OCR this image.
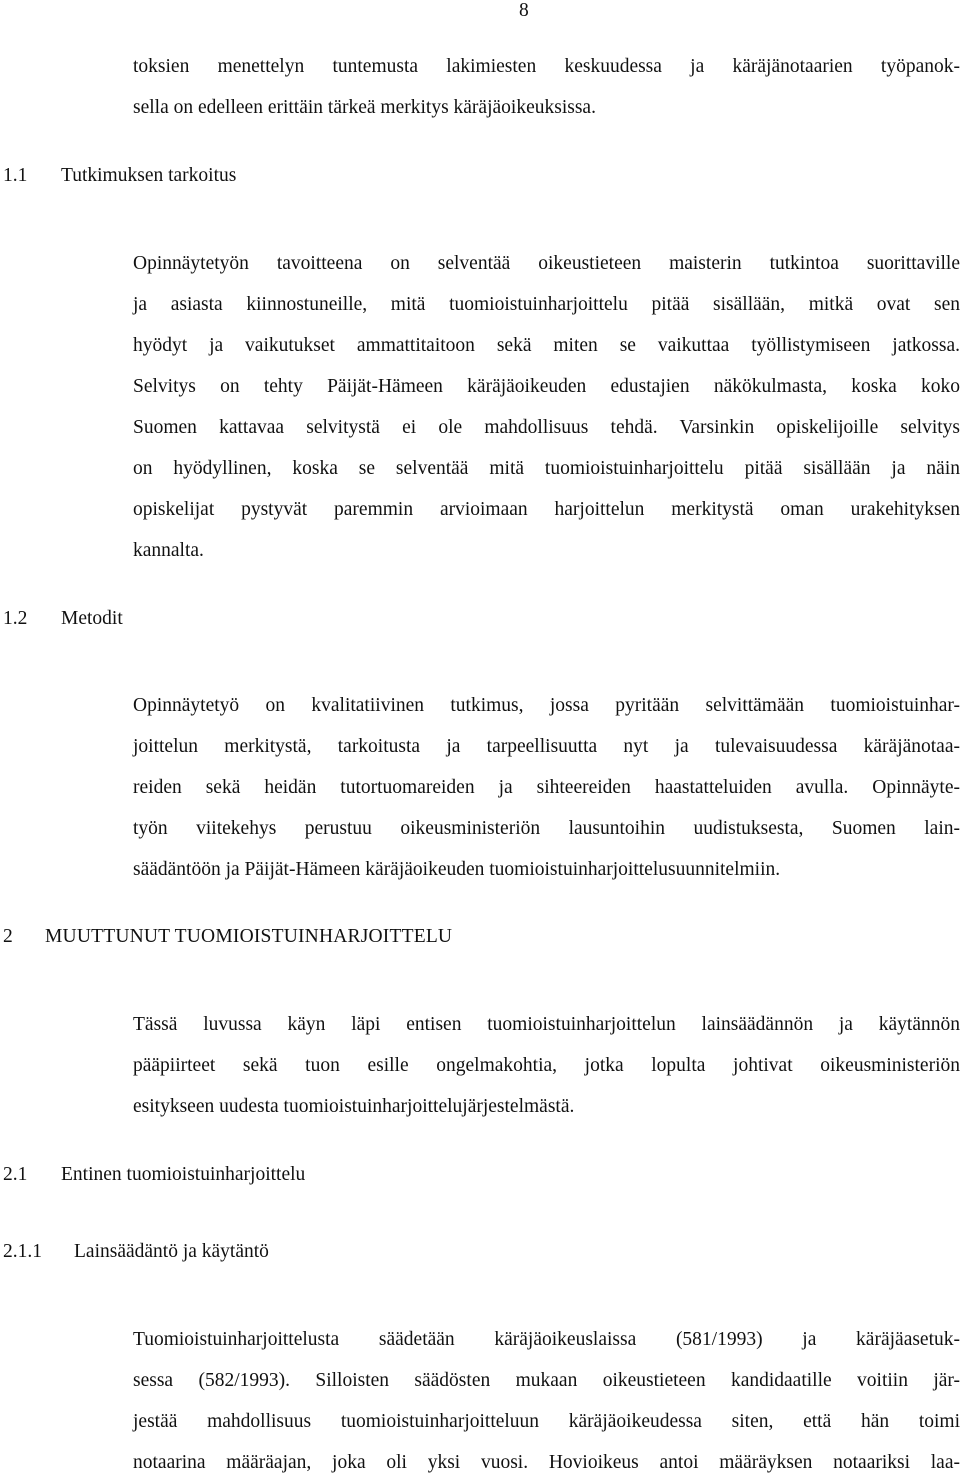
8
toksien menettelyn tuntemusta lakimiesten keskuudessa ja käräjänotaarien työpanok-
sella on edelleen erittäin tärkeä merkitys käräjäoikeuksissa.
1.1 Tutkimuksen tarkoitus
Opinnäytetyön tavoitteena on selventää oikeustieteen maisterin tutkintoa suorittaville
ja asiasta kiinnostuneille, mitä tuomioistuinharjoittelu pitää sisällään, mitkä ovat sen
hyödyt ja vaikutukset ammattitaitoon sekä miten se vaikuttaa työllistymiseen jatkossa.
Selvitys on tehty Päijät-Hämeen käräjäoikeuden edustajien näkökulmasta, koska koko
Suomen kattavaa selvitystä ei ole mahdollisuus tehdä. Varsinkin opiskelijoille selvitys
on hyödyllinen, koska se selventää mitä tuomioistuinharjoittelu pitää sisällään ja näin
opiskelijat pystyvät paremmin arvioimaan harjoittelun merkitystä oman urakehityksen
kannalta.
1.2 Metodit
Opinnäytetyö on kvalitatiivinen tutkimus, jossa pyritään selvittämään tuomioistuinhar-
joittelun merkitystä, tarkoitusta ja tarpeellisuutta nyt ja tulevaisuudessa käräjänotaa-
reiden sekä heidän tutortuomareiden ja sihteereiden haastatteluiden avulla. Opinnäyte-
työn viitekehys perustuu oikeusministeriön lausuntoihin uudistuksesta, Suomen lain-
säädäntöön ja Päijät-Hämeen käräjäoikeuden tuomioistuinharjoittelusuunnitelmiin.
2 MUUTTUNUT TUOMIOISTUINHARJOITTELU
Tässä luvussa käyn läpi entisen tuomioistuinharjoittelun lainsäädännön ja käytännön
pääpiirteet sekä tuon esille ongelmakohtia, jotka lopulta johtivat oikeusministeriön
esitykseen uudesta tuomioistuinharjoittelujärjestelmästä.
2.1 Entinen tuomioistuinharjoittelu
2.1.1 Lainsäädäntö ja käytäntö
Tuomioistuinharjoittelusta säädetään käräjäoikeuslaissa (581/1993) ja käräjäasetuk-
sessa (582/1993). Silloisten säädösten mukaan oikeustieteen kandidaatille voitiin jär-
jestää mahdollisuus tuomioistuinharjoitteluun käräjäoikeudessa siten, että hän toimi
notaarina määräajan, joka oli yksi vuosi. Hovioikeus antoi määräyksen notaariksi laa-
